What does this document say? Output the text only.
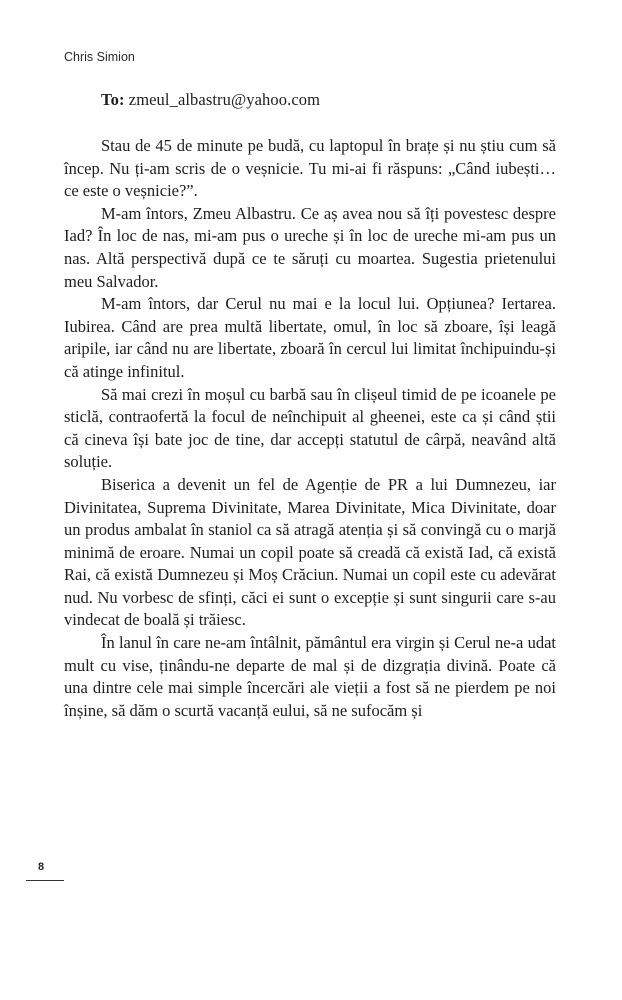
Chris Simion
To: zmeul_albastru@yahoo.com

Stau de 45 de minute pe budă, cu laptopul în brațe și nu știu cum să încep. Nu ți-am scris de o veșnicie. Tu mi-ai fi răspuns: „Când iubești… ce este o veșnicie?”.

M-am întors, Zmeu Albastru. Ce aș avea nou să îți povestesc despre Iad? În loc de nas, mi-am pus o ureche și în loc de ureche mi-am pus un nas. Altă perspectivă după ce te săruți cu moartea. Sugestia prietenului meu Salvador.

M-am întors, dar Cerul nu mai e la locul lui. Opțiunea? Iertarea. Iubirea. Când are prea multă libertate, omul, în loc să zboare, își leagă aripile, iar când nu are libertate, zboară în cercul lui limitat închipuindu-și că atinge infinitul.

Să mai crezi în moșul cu barbă sau în clișeul timid de pe icoanele pe sticlă, contraofertă la focul de neînchipuit al gheenei, este ca și când știi că cineva își bate joc de tine, dar accepți statutul de cârpă, neavând altă soluție.

Biserica a devenit un fel de Agenție de PR a lui Dumnezeu, iar Divinitatea, Suprema Divinitate, Marea Divinitate, Mica Divinitate, doar un produs ambalat în staniol ca să atragă atenția și să convingă cu o marjă minimă de eroare. Numai un copil poate să creadă că există Iad, că există Rai, că există Dumnezeu și Moș Crăciun. Numai un copil este cu adevărat nud. Nu vorbesc de sfinți, căci ei sunt o excepție și sunt singurii care s-au vindecat de boală și trăiesc.

În lanul în care ne-am întâlnit, pământul era virgin și Cerul ne-a udat mult cu vise, ținându-ne departe de mal și de dizgrația divină. Poate că una dintre cele mai simple încercări ale vieții a fost să ne pierdem pe noi înșine, să dăm o scurtă vacanță eului, să ne sufocăm și

8
